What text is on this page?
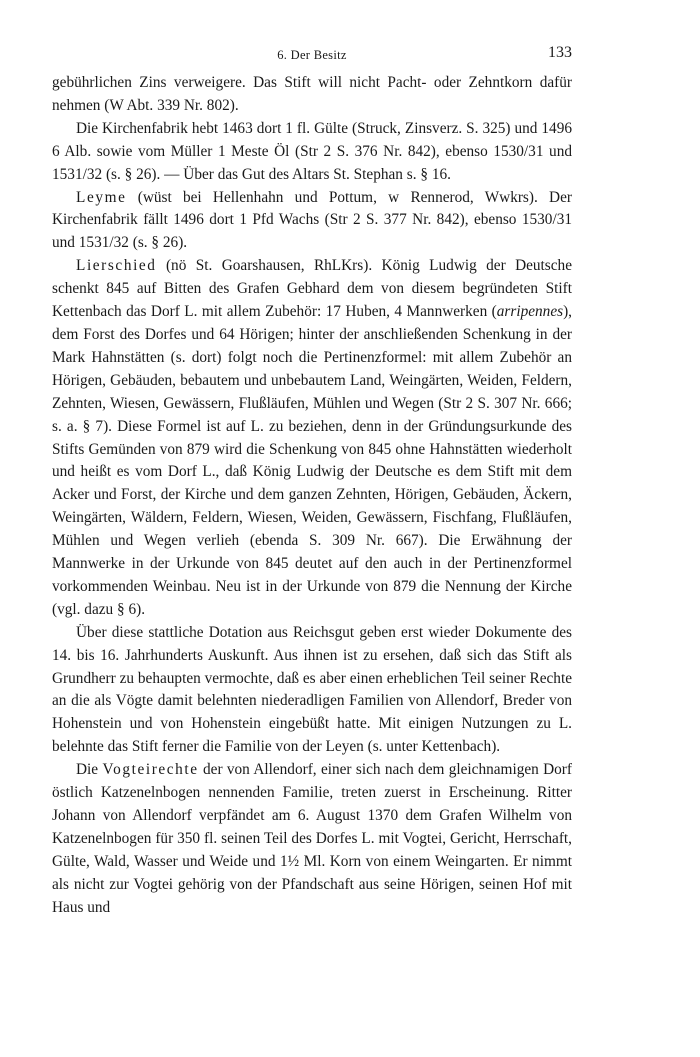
6. Der Besitz	133

gebührlichen Zins verweigere. Das Stift will nicht Pacht- oder Zehntkorn dafür nehmen (W Abt. 339 Nr. 802).

Die Kirchenfabrik hebt 1463 dort 1 fl. Gülte (Struck, Zinsverz. S. 325) und 1496 6 Alb. sowie vom Müller 1 Meste Öl (Str 2 S. 376 Nr. 842), ebenso 1530/31 und 1531/32 (s. § 26). — Über das Gut des Altars St. Stephan s. § 16.

Leyme (wüst bei Hellenhahn und Pottum, w Rennerod, Wwkrs). Der Kirchenfabrik fällt 1496 dort 1 Pfd Wachs (Str 2 S. 377 Nr. 842), ebenso 1530/31 und 1531/32 (s. § 26).

Lierschied (nö St. Goarshausen, RhLKrs). König Ludwig der Deutsche schenkt 845 auf Bitten des Grafen Gebhard dem von diesem begründeten Stift Kettenbach das Dorf L. mit allem Zubehör: 17 Huben, 4 Mannwerken (arripennes), dem Forst des Dorfes und 64 Hörigen; hinter der anschließenden Schenkung in der Mark Hahnstätten (s. dort) folgt noch die Pertinenzformel: mit allem Zubehör an Hörigen, Gebäuden, bebautem und unbebautem Land, Weingärten, Weiden, Feldern, Zehnten, Wiesen, Gewässern, Flußläufen, Mühlen und Wegen (Str 2 S. 307 Nr. 666; s. a. § 7). Diese Formel ist auf L. zu beziehen, denn in der Gründungsurkunde des Stifts Gemünden von 879 wird die Schenkung von 845 ohne Hahnstätten wiederholt und heißt es vom Dorf L., daß König Ludwig der Deutsche es dem Stift mit dem Acker und Forst, der Kirche und dem ganzen Zehnten, Hörigen, Gebäuden, Äckern, Weingärten, Wäldern, Feldern, Wiesen, Weiden, Gewässern, Fischfang, Flußläufen, Mühlen und Wegen verlieh (ebenda S. 309 Nr. 667). Die Erwähnung der Mannwerke in der Urkunde von 845 deutet auf den auch in der Pertinenzformel vorkommenden Weinbau. Neu ist in der Urkunde von 879 die Nennung der Kirche (vgl. dazu § 6).

Über diese stattliche Dotation aus Reichsgut geben erst wieder Dokumente des 14. bis 16. Jahrhunderts Auskunft. Aus ihnen ist zu ersehen, daß sich das Stift als Grundherr zu behaupten vermochte, daß es aber einen erheblichen Teil seiner Rechte an die als Vögte damit belehnten niederadligen Familien von Allendorf, Breder von Hohenstein und von Hohenstein eingebüßt hatte. Mit einigen Nutzungen zu L. belehnte das Stift ferner die Familie von der Leyen (s. unter Kettenbach).

Die Vogteirechte der von Allendorf, einer sich nach dem gleichnamigen Dorf östlich Katzenelnbogen nennenden Familie, treten zuerst in Erscheinung. Ritter Johann von Allendorf verpfändet am 6. August 1370 dem Grafen Wilhelm von Katzenelnbogen für 350 fl. seinen Teil des Dorfes L. mit Vogtei, Gericht, Herrschaft, Gülte, Wald, Wasser und Weide und 1½ Ml. Korn von einem Weingarten. Er nimmt als nicht zur Vogtei gehörig von der Pfandschaft aus seine Hörigen, seinen Hof mit Haus und
